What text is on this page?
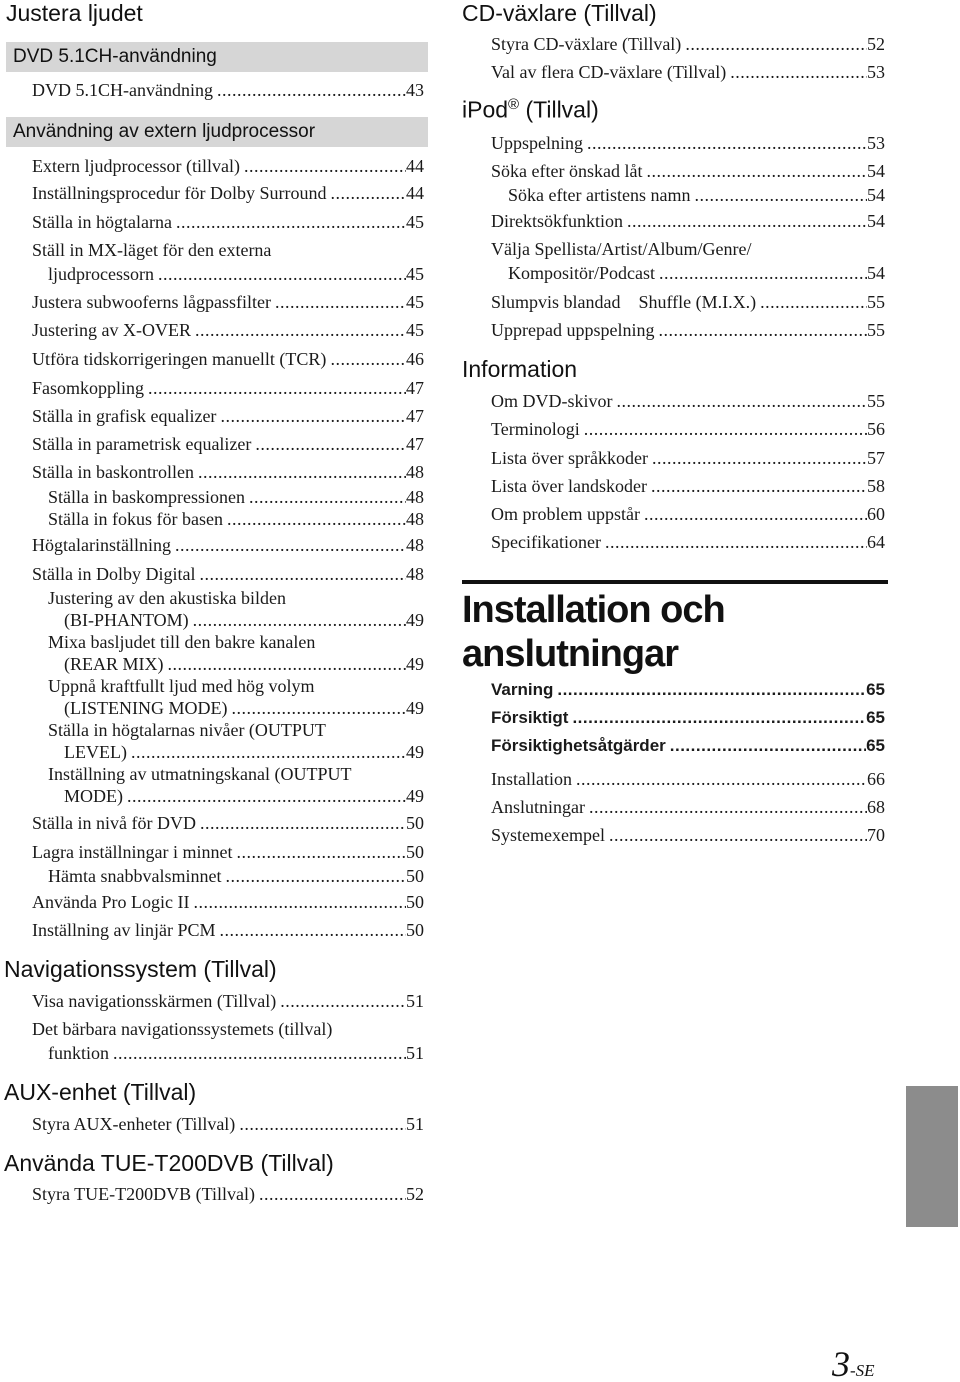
Justera ljudet
DVD 5.1CH-användning
DVD 5.1CH-användning .....	43
Användning av extern ljudprocessor
Extern ljudprocessor (tillval) .....	44
Inställningsprocedur för Dolby Surround .....	44
Ställa in högtalarna .....	45
Ställ in MX-läget för den externa
ljudprocessorn .....	45
Justera subwooferns lågpassfilter .....	45
Justering av X-OVER .....	45
Utföra tidskorrigeringen manuellt (TCR) .....	46
Fasomkoppling .....	47
Ställa in grafisk equalizer .....	47
Ställa in parametrisk equalizer .....	47
Ställa in baskontrollen .....	48
Ställa in baskompressionen .....	48
Ställa in fokus för basen .....	48
Högtalarinställning .....	48
Ställa in Dolby Digital .....	48
Justering av den akustiska bilden
(BI-PHANTOM) .....	49
Mixa basljudet till den bakre kanalen
(REAR MIX) .....	49
Uppnå kraftfullt ljud med hög volym
(LISTENING MODE) .....	49
Ställa in högtalarnas nivåer (OUTPUT
LEVEL) .....	49
Inställning av utmatningskanal (OUTPUT
MODE) .....	49
Ställa in nivå för DVD .....	50
Lagra inställningar i minnet .....	50
Hämta snabbvalsminnet .....	50
Använda Pro Logic II .....	50
Inställning av linjär PCM .....	50
Navigationssystem (Tillval)
Visa navigationsskärmen (Tillval) .....	51
Det bärbara navigationssystemets (tillval)
funktion .....	51
AUX-enhet (Tillval)
Styra AUX-enheter (Tillval) .....	51
Använda TUE-T200DVB (Tillval)
Styra TUE-T200DVB (Tillval) .....	52
CD-växlare (Tillval)
Styra CD-växlare (Tillval) .....	52
Val av flera CD-växlare (Tillval) .....	53
iPod® (Tillval)
Uppspelning .....	53
Söka efter önskad låt .....	54
Söka efter artistens namn .....	54
Direktsökfunktion .....	54
Välja Spellista/Artist/Album/Genre/
Kompositör/Podcast .....	54
Slumpvis blandad    Shuffle (M.I.X.) .....	55
Upprepad uppspelning .....	55
Information
Om DVD-skivor .....	55
Terminologi .....	56
Lista över språkkoder .....	57
Lista över landskoder .....	58
Om problem uppstår .....	60
Specifikationer .....	64
Installation och
anslutningar
Varning .....	65
Försiktigt .....	65
Försiktighetsåtgärder .....	65
Installation .....	66
Anslutningar .....	68
Systemexempel .....	70
3-SE
